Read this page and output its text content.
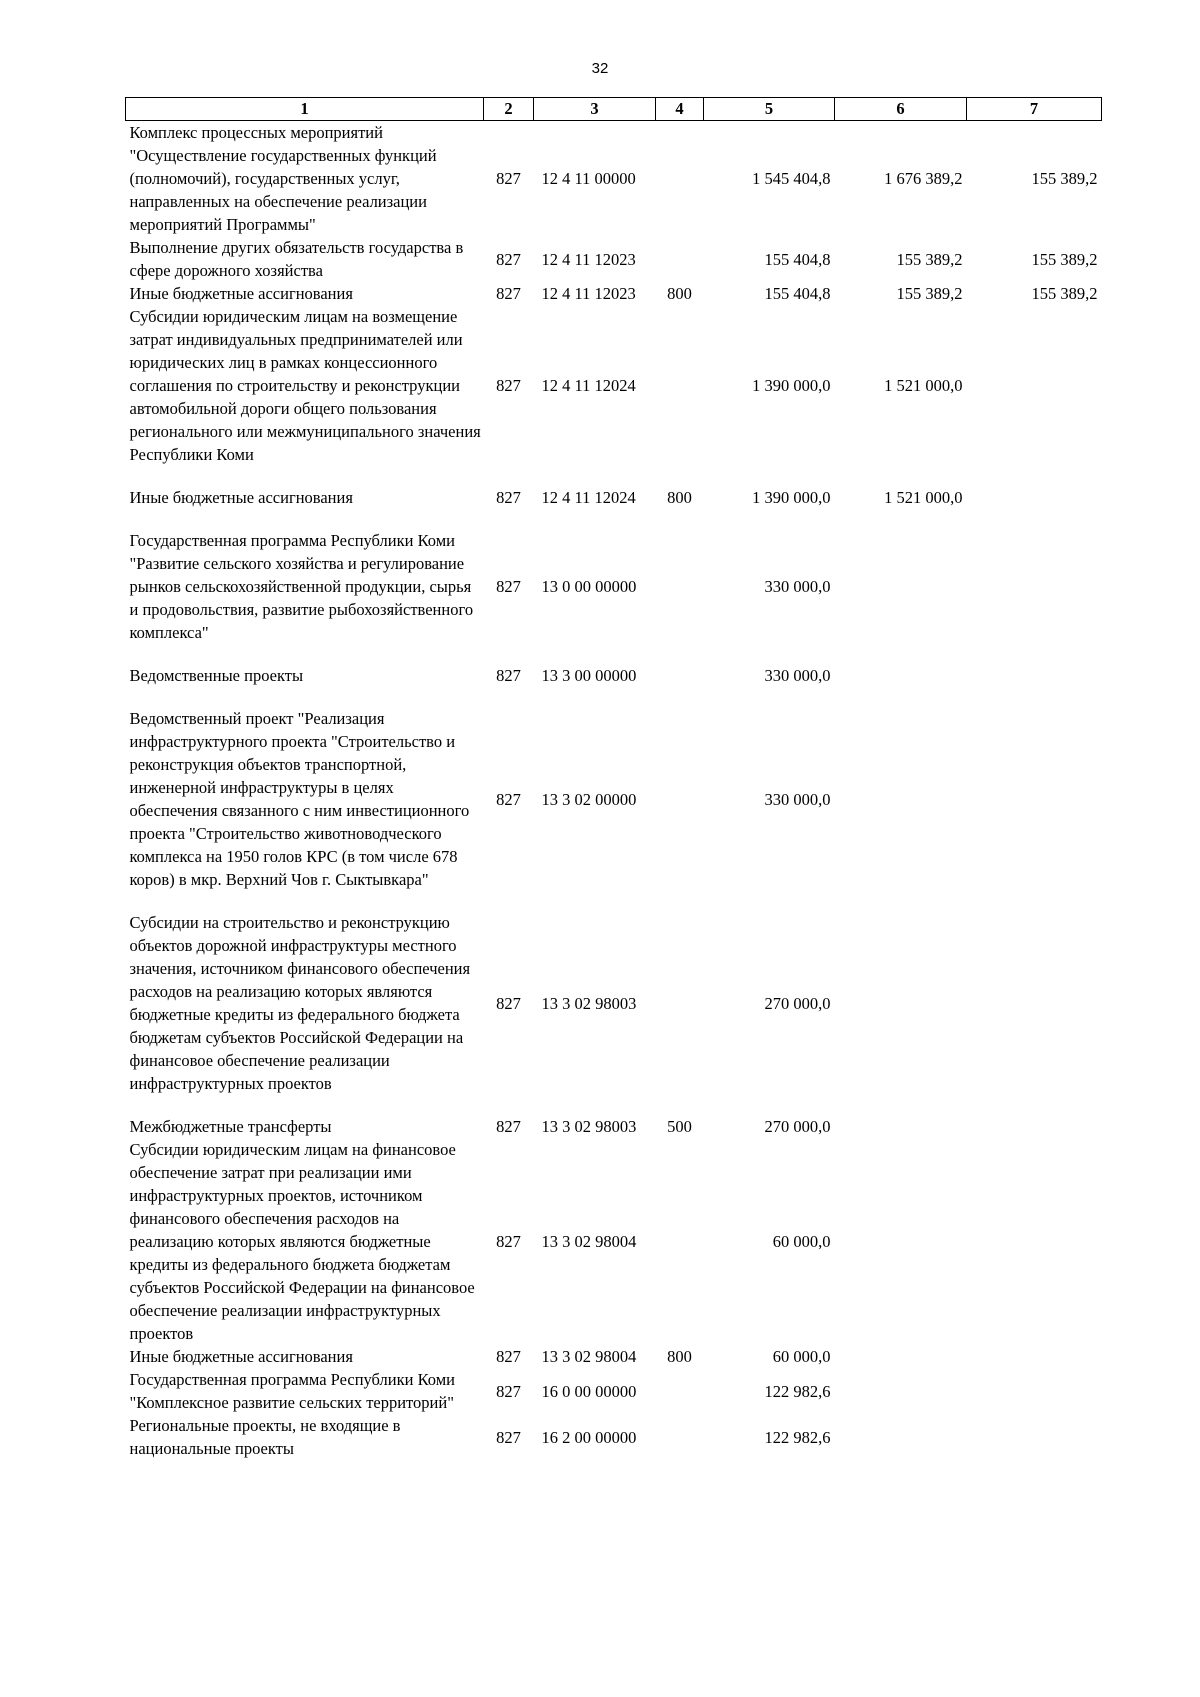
32
1	2	3	4	5	6	7
Комплекс процессных мероприятий "Осуществление государственных функций (полномочий), государственных услуг, направленных на обеспечение реализации мероприятий Программы"	827	12 4 11 00000		1 545 404,8	1 676 389,2	155 389,2
Выполнение других обязательств государства в сфере дорожного хозяйства	827	12 4 11 12023		155 404,8	155 389,2	155 389,2
Иные бюджетные ассигнования	827	12 4 11 12023	800	155 404,8	155 389,2	155 389,2
Субсидии юридическим лицам на возмещение затрат индивидуальных предпринимателей или юридических лиц в рамках концессионного соглашения по строительству и реконструкции автомобильной дороги общего пользования регионального или межмуниципального значения Республики Коми	827	12 4 11 12024		1 390 000,0	1 521 000,0	
Иные бюджетные ассигнования	827	12 4 11 12024	800	1 390 000,0	1 521 000,0	
Государственная программа Республики Коми "Развитие сельского хозяйства и регулирование рынков сельскохозяйственной продукции, сырья и продовольствия, развитие рыбохозяйственного комплекса"	827	13 0 00 00000		330 000,0		
Ведомственные проекты	827	13 3 00 00000		330 000,0		
Ведомственный проект "Реализация инфраструктурного проекта "Строительство и реконструкция объектов транспортной, инженерной инфраструктуры в целях обеспечения связанного с ним инвестиционного проекта "Строительство животноводческого комплекса на 1950 голов КРС (в том числе 678 коров) в мкр. Верхний Чов г. Сыктывкара"	827	13 3 02 00000		330 000,0		
Субсидии на строительство и реконструкцию объектов дорожной инфраструктуры местного значения, источником финансового обеспечения расходов на реализацию которых являются бюджетные кредиты из федерального бюджета бюджетам субъектов Российской Федерации на финансовое обеспечение реализации инфраструктурных проектов	827	13 3 02 98003		270 000,0		
Межбюджетные трансферты	827	13 3 02 98003	500	270 000,0		
Субсидии юридическим лицам на финансовое обеспечение затрат при реализации ими инфраструктурных проектов, источником финансового обеспечения расходов на реализацию которых являются бюджетные кредиты из федерального бюджета бюджетам субъектов Российской Федерации на финансовое обеспечение реализации инфраструктурных проектов	827	13 3 02 98004		60 000,0		
Иные бюджетные ассигнования	827	13 3 02 98004	800	60 000,0		
Государственная программа Республики Коми "Комплексное развитие сельских территорий"	827	16 0 00 00000		122 982,6		
Региональные проекты, не входящие в национальные проекты	827	16 2 00 00000		122 982,6		
